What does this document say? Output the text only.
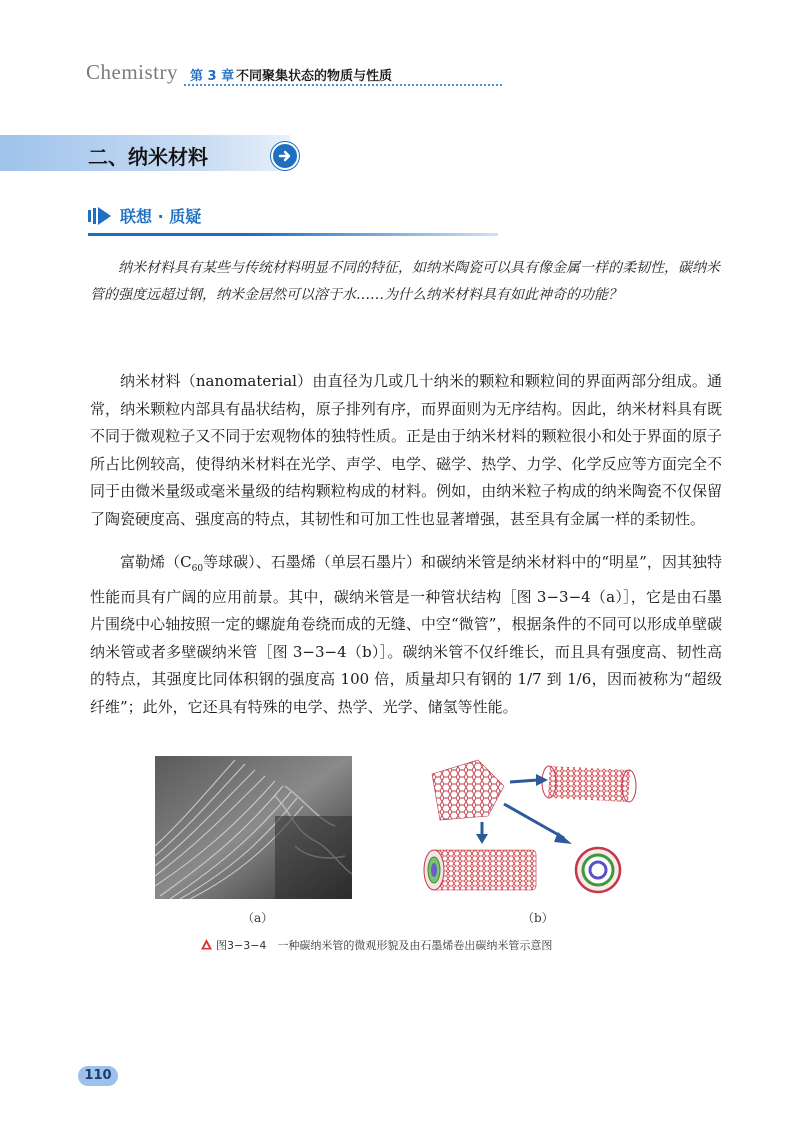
Chemistry 第 3 章 不同聚集状态的物质与性质
二、纳米材料
联想 · 质疑

纳米材料具有某些与传统材料明显不同的特征，如纳米陶瓷可以具有像金属一样的柔韧性，碳纳米管的强度远超过钢，纳米金居然可以溶于水……为什么纳米材料具有如此神奇的功能？

纳米材料（nanomaterial）由直径为几或几十纳米的颗粒和颗粒间的界面两部分组成。通常，纳米颗粒内部具有晶状结构，原子排列有序，而界面则为无序结构。因此，纳米材料具有既不同于微观粒子又不同于宏观物体的独特性质。正是由于纳米材料的颗粒很小和处于界面的原子所占比例较高，使得纳米材料在光学、声学、电学、磁学、热学、力学、化学反应等方面完全不同于由微米量级或毫米量级的结构颗粒构成的材料。例如，由纳米粒子构成的纳米陶瓷不仅保留了陶瓷硬度高、强度高的特点，其韧性和可加工性也显著增强，甚至具有金属一样的柔韧性。

富勒烯（$C_{60}$等球碳）、石墨烯（单层石墨片）和碳纳米管是纳米材料中的“明星”，因其独特性能而具有广阔的应用前景。其中，碳纳米管是一种管状结构［图 3−3−4（a）］，它是由石墨片围绕中心轴按照一定的螺旋角卷绕而成的无缝、中空“微管”，根据条件的不同可以形成单壁碳纳米管或者多壁碳纳米管［图 3−3−4（b）］。碳纳米管不仅纤维长，而且具有强度高、韧性高的特点，其强度比同体积钢的强度高 100 倍，质量却只有钢的 1/7 到 1/6，因而被称为“超级纤维”；此外，它还具有特殊的电学、热学、光学、储氢等性能。

（a）	（b）
图3−3−4　一种碳纳米管的微观形貌及由石墨烯卷出碳纳米管示意图
110
